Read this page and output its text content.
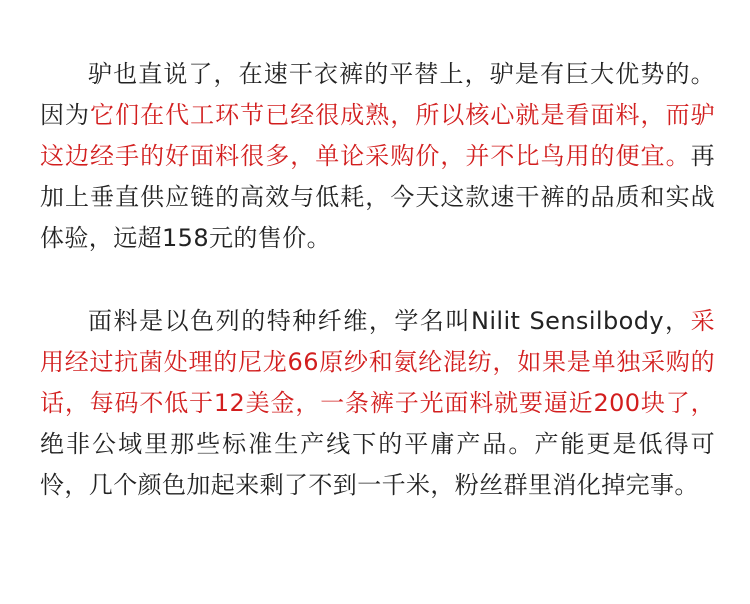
驴也直说了，在速干衣裤的平替上，驴是有巨大优势的。因为它们在代工环节已经很成熟，所以核心就是看面料，而驴这边经手的好面料很多，单论采购价，并不比鸟用的便宜。再加上垂直供应链的高效与低耗，今天这款速干裤的品质和实战体验，远超158元的售价。

面料是以色列的特种纤维，学名叫Nilit Sensilbody，采用经过抗菌处理的尼龙66原纱和氨纶混纺，如果是单独采购的话，每码不低于12美金，一条裤子光面料就要逼近200块了，绝非公域里那些标准生产线下的平庸产品。产能更是低得可怜，几个颜色加起来剩了不到一千米，粉丝群里消化掉完事。
